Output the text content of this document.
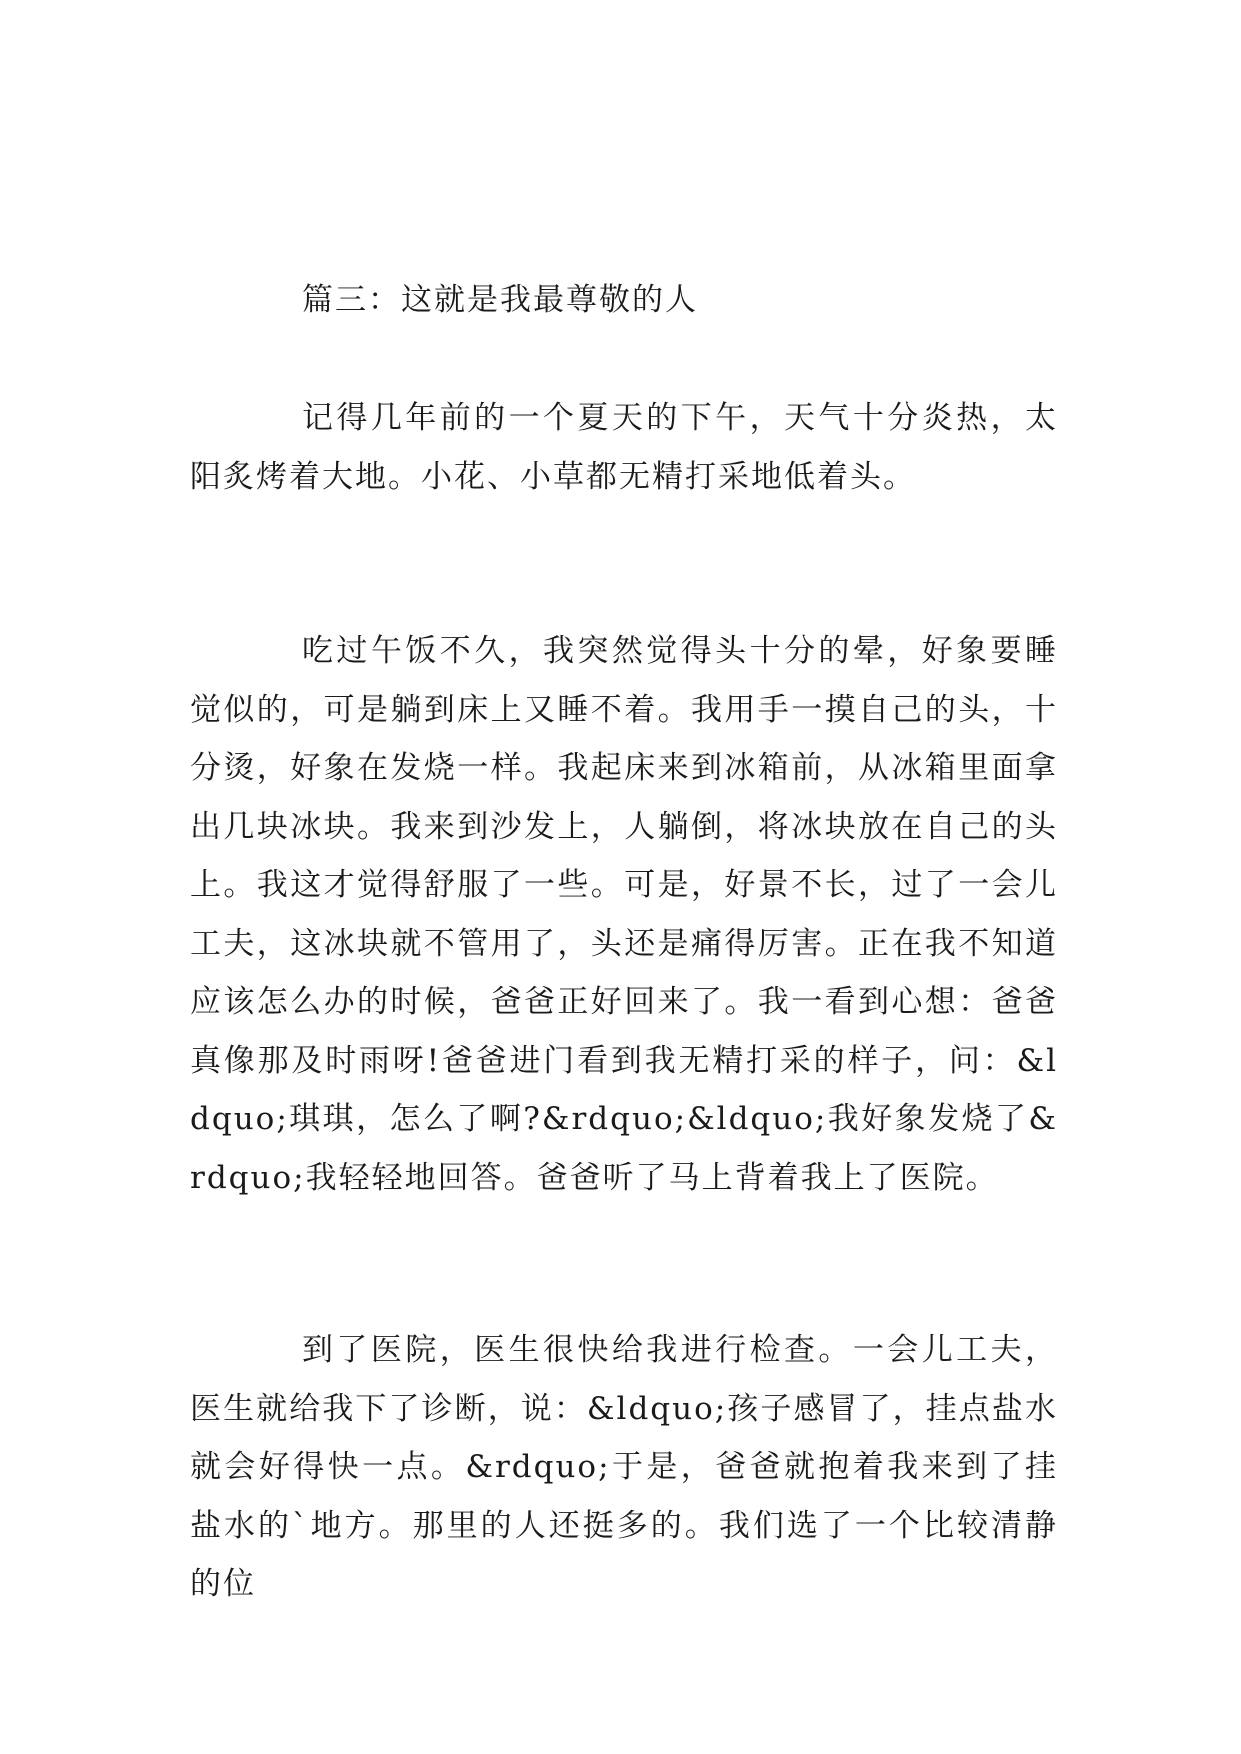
篇三：这就是我最尊敬的人

记得几年前的一个夏天的下午，天气十分炎热，太阳炙烤着大地。小花、小草都无精打采地低着头。

吃过午饭不久，我突然觉得头十分的晕，好象要睡觉似的，可是躺到床上又睡不着。我用手一摸自己的头，十分烫，好象在发烧一样。我起床来到冰箱前，从冰箱里面拿出几块冰块。我来到沙发上，人躺倒，将冰块放在自己的头上。我这才觉得舒服了一些。可是，好景不长，过了一会儿工夫，这冰块就不管用了，头还是痛得厉害。正在我不知道应该怎么办的时候，爸爸正好回来了。我一看到心想：爸爸真像那及时雨呀!爸爸进门看到我无精打采的样子，问：&ldquo;琪琪，怎么了啊?&rdquo;&ldquo;我好象发烧了&rdquo;我轻轻地回答。爸爸听了马上背着我上了医院。

到了医院，医生很快给我进行检查。一会儿工夫，医生就给我下了诊断，说：&ldquo;孩子感冒了，挂点盐水就会好得快一点。&rdquo;于是，爸爸就抱着我来到了挂盐水的`地方。那里的人还挺多的。我们选了一个比较清静的位
